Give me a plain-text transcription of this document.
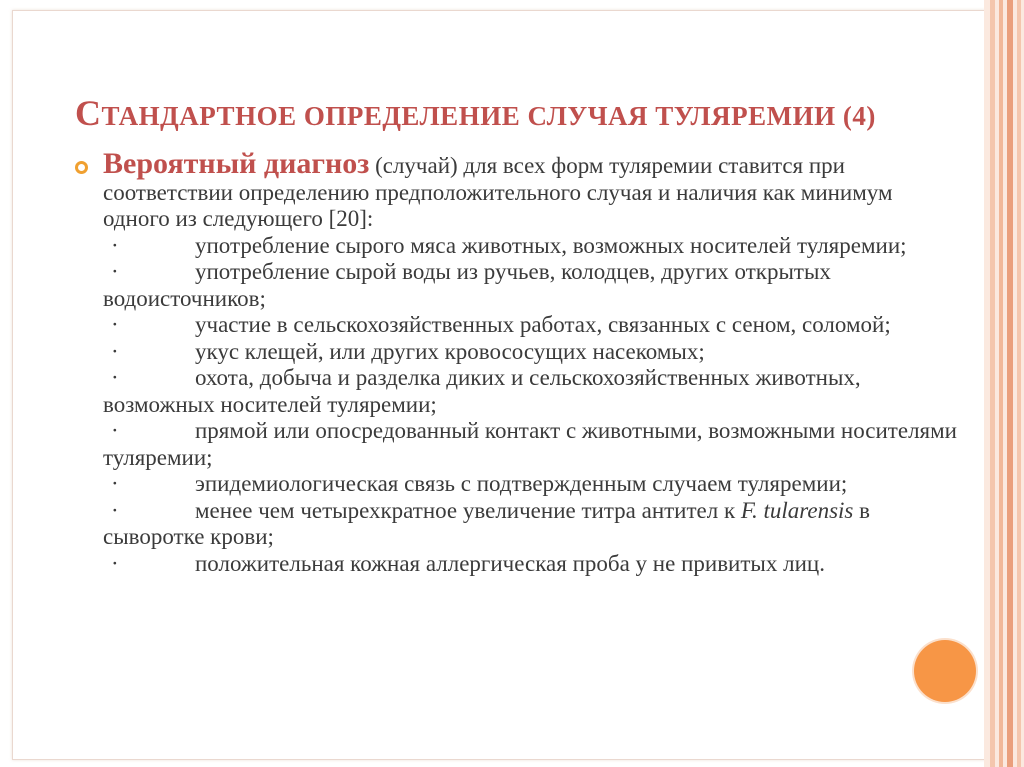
СТАНДАРТНОЕ ОПРЕДЕЛЕНИЕ СЛУЧАЯ ТУЛЯРЕМИИ (4)
Вероятный диагноз (случай) для всех форм туляремии ставится при соответствии определению предположительного случая и наличия как минимум одного из следующего [20]:
·	употребление сырого мяса животных, возможных носителей туляремии;
·	употребление сырой воды из ручьев, колодцев, других открытых водоисточников;
·	участие в сельскохозяйственных работах, связанных с сеном, соломой;
·	укус клещей, или других кровососущих насекомых;
·	охота, добыча и разделка диких и сельскохозяйственных животных, возможных носителей туляремии;
·	прямой или опосредованный контакт с животными, возможными носителями туляремии;
·	эпидемиологическая связь с подтвержденным случаем туляремии;
·	менее чем четырехкратное увеличение титра антител к F. tularensis в сыворотке крови;
·	положительная кожная аллергическая проба у не привитых лиц.
